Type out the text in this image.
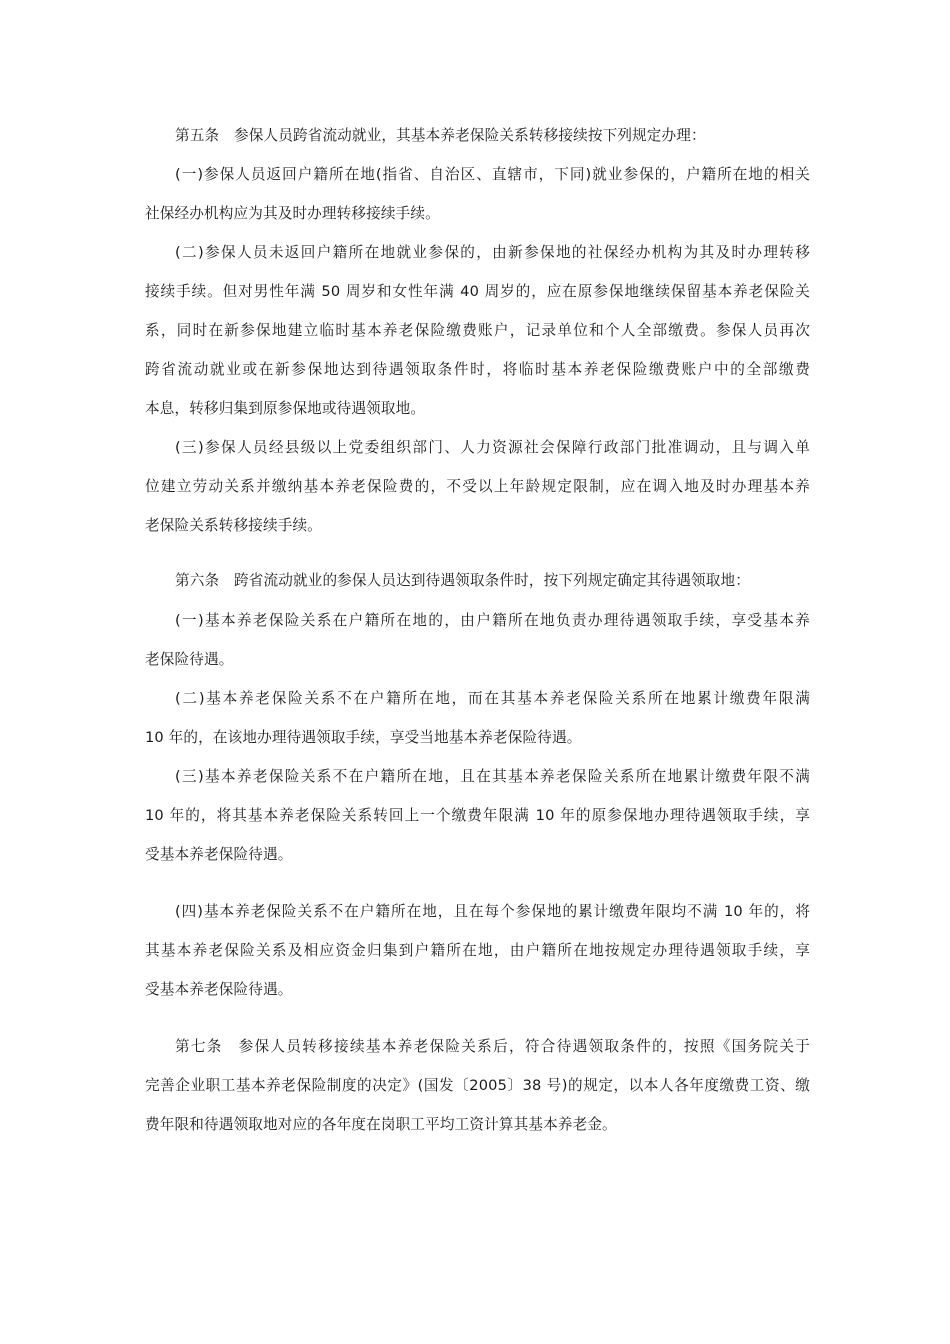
第五条　参保人员跨省流动就业，其基本养老保险关系转移接续按下列规定办理：
(一)参保人员返回户籍所在地(指省、自治区、直辖市，下同)就业参保的，户籍所在地的相关
社保经办机构应为其及时办理转移接续手续。
(二)参保人员未返回户籍所在地就业参保的，由新参保地的社保经办机构为其及时办理转移
接续手续。但对男性年满 50 周岁和女性年满 40 周岁的，应在原参保地继续保留基本养老保险关
系，同时在新参保地建立临时基本养老保险缴费账户，记录单位和个人全部缴费。参保人员再次
跨省流动就业或在新参保地达到待遇领取条件时，将临时基本养老保险缴费账户中的全部缴费
本息，转移归集到原参保地或待遇领取地。
(三)参保人员经县级以上党委组织部门、人力资源社会保障行政部门批准调动，且与调入单
位建立劳动关系并缴纳基本养老保险费的，不受以上年龄规定限制，应在调入地及时办理基本养
老保险关系转移接续手续。
第六条　跨省流动就业的参保人员达到待遇领取条件时，按下列规定确定其待遇领取地：
(一)基本养老保险关系在户籍所在地的，由户籍所在地负责办理待遇领取手续，享受基本养
老保险待遇。
(二)基本养老保险关系不在户籍所在地，而在其基本养老保险关系所在地累计缴费年限满
10 年的，在该地办理待遇领取手续，享受当地基本养老保险待遇。
(三)基本养老保险关系不在户籍所在地，且在其基本养老保险关系所在地累计缴费年限不满
10 年的，将其基本养老保险关系转回上一个缴费年限满 10 年的原参保地办理待遇领取手续，享
受基本养老保险待遇。
(四)基本养老保险关系不在户籍所在地，且在每个参保地的累计缴费年限均不满 10 年的，将
其基本养老保险关系及相应资金归集到户籍所在地，由户籍所在地按规定办理待遇领取手续，享
受基本养老保险待遇。
第七条　参保人员转移接续基本养老保险关系后，符合待遇领取条件的，按照《国务院关于
完善企业职工基本养老保险制度的决定》(国发〔2005〕38 号)的规定，以本人各年度缴费工资、缴
费年限和待遇领取地对应的各年度在岗职工平均工资计算其基本养老金。
